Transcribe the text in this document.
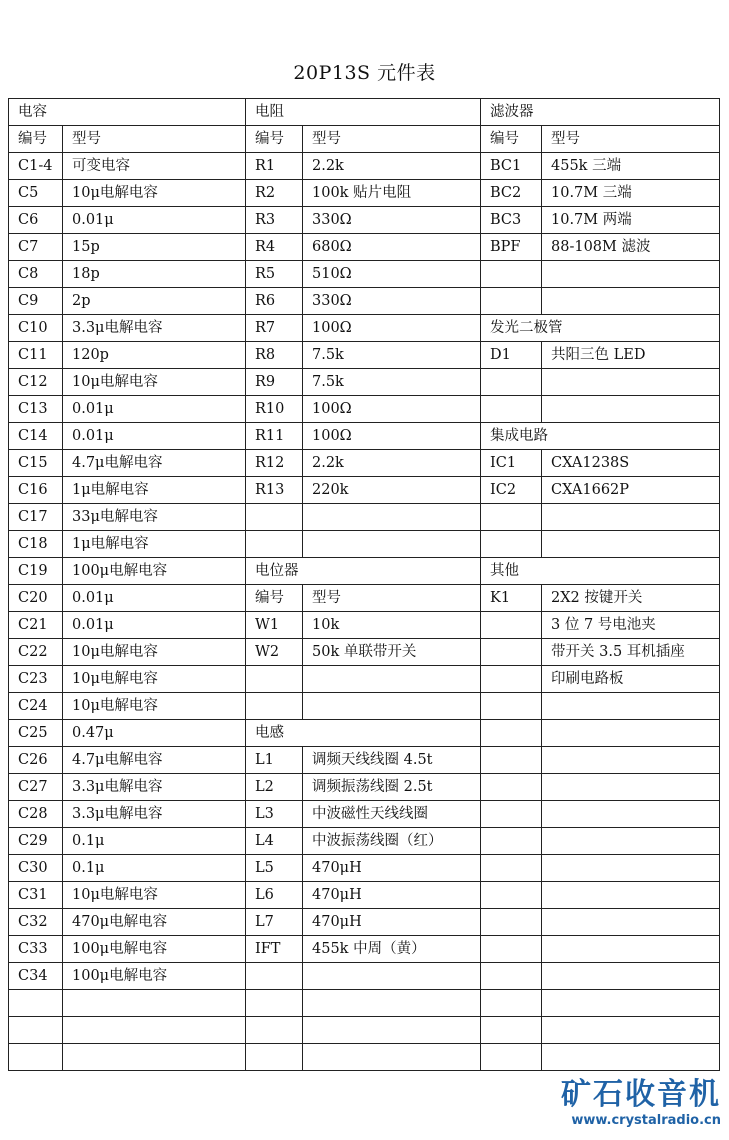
20P13S 元件表
电容		电阻		滤波器	
编号	型号	编号	型号	编号	型号
C1-4	可变电容	R1	2.2k	BC1	455k 三端
C5	10μ电解电容	R2	100k 贴片电阻	BC2	10.7M 三端
C6	0.01μ	R3	330Ω	BC3	10.7M 两端
C7	15p	R4	680Ω	BPF	88-108M 滤波
C8	18p	R5	510Ω		
C9	2p	R6	330Ω		
C10	3.3μ电解电容	R7	100Ω	发光二极管	
C11	120p	R8	7.5k	D1	共阳三色 LED
C12	10μ电解电容	R9	7.5k		
C13	0.01μ	R10	100Ω		
C14	0.01μ	R11	100Ω	集成电路	
C15	4.7μ电解电容	R12	2.2k	IC1	CXA1238S
C16	1μ电解电容	R13	220k	IC2	CXA1662P
C17	33μ电解电容				
C18	1μ电解电容				
C19	100μ电解电容	电位器		其他	
C20	0.01μ	编号	型号	K1	2X2 按键开关
C21	0.01μ	W1	10k		3 位 7 号电池夹
C22	10μ电解电容	W2	50k 单联带开关		带开关 3.5 耳机插座
C23	10μ电解电容				印刷电路板
C24	10μ电解电容				
C25	0.47μ	电感			
C26	4.7μ电解电容	L1	调频天线线圈 4.5t		
C27	3.3μ电解电容	L2	调频振荡线圈 2.5t		
C28	3.3μ电解电容	L3	中波磁性天线线圈		
C29	0.1μ	L4	中波振荡线圈（红）		
C30	0.1μ	L5	470μH		
C31	10μ电解电容	L6	470μH		
C32	470μ电解电容	L7	470μH		
C33	100μ电解电容	IFT	455k 中周（黄）		
C34	100μ电解电容				

矿石收音机
www.crystalradio.cn
